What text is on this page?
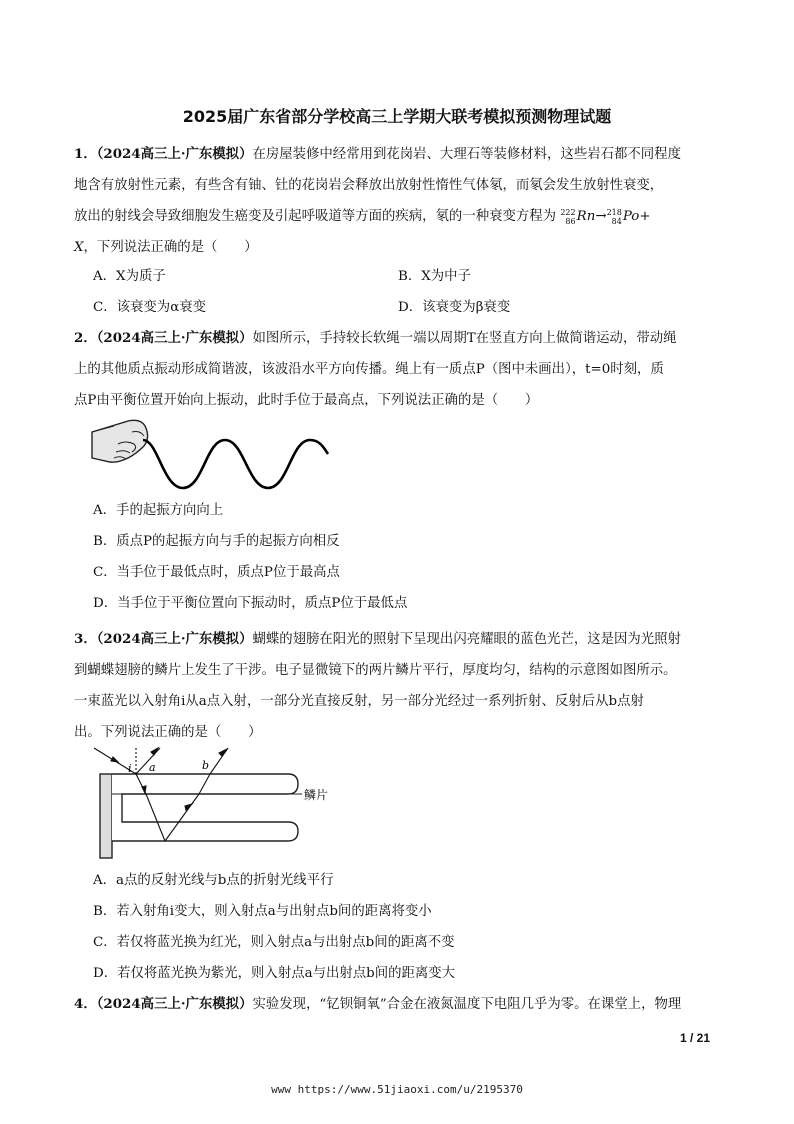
2025届广东省部分学校高三上学期大联考模拟预测物理试题
1．（2024高三上·广东模拟）在房屋装修中经常用到花岗岩、大理石等装修材料，这些岩石都不同程度
地含有放射性元素，有些含有铀、钍的花岗岩会释放出放射性惰性气体氡，而氡会发生放射性衰变，
放出的射线会导致细胞发生癌变及引起呼吸道等方面的疾病，氡的一种衰变方程为 222
86Rn→218
84Po+
X，下列说法正确的是（　　）
A．X为质子	B．X为中子
C．该衰变为α衰变	D．该衰变为β衰变
2．（2024高三上·广东模拟）如图所示，手持较长软绳一端以周期T在竖直方向上做简谐运动，带动绳
上的其他质点振动形成简谐波，该波沿水平方向传播。绳上有一质点P（图中未画出），t=0时刻，质
点P由平衡位置开始向上振动，此时手位于最高点，下列说法正确的是（　　）
A．手的起振方向向上
B．质点P的起振方向与手的起振方向相反
C．当手位于最低点时，质点P位于最高点
D．当手位于平衡位置向下振动时，质点P位于最低点
3．（2024高三上·广东模拟）蝴蝶的翅膀在阳光的照射下呈现出闪亮耀眼的蓝色光芒，这是因为光照射
到蝴蝶翅膀的鳞片上发生了干涉。电子显微镜下的两片鳞片平行，厚度均匀，结构的示意图如图所示。
一束蓝光以入射角i从a点入射，一部分光直接反射，另一部分光经过一系列折射、反射后从b点射
出。下列说法正确的是（　　）
i a	b
鳞片
A．a点的反射光线与b点的折射光线平行
B．若入射角i变大，则入射点a与出射点b间的距离将变小
C．若仅将蓝光换为红光，则入射点a与出射点b间的距离不变
D．若仅将蓝光换为紫光，则入射点a与出射点b间的距离变大
4．（2024高三上·广东模拟）实验发现，“钇钡铜氧”合金在液氮温度下电阻几乎为零。在课堂上，物理
1 / 21
www https://www.51jiaoxi.com/u/2195370
